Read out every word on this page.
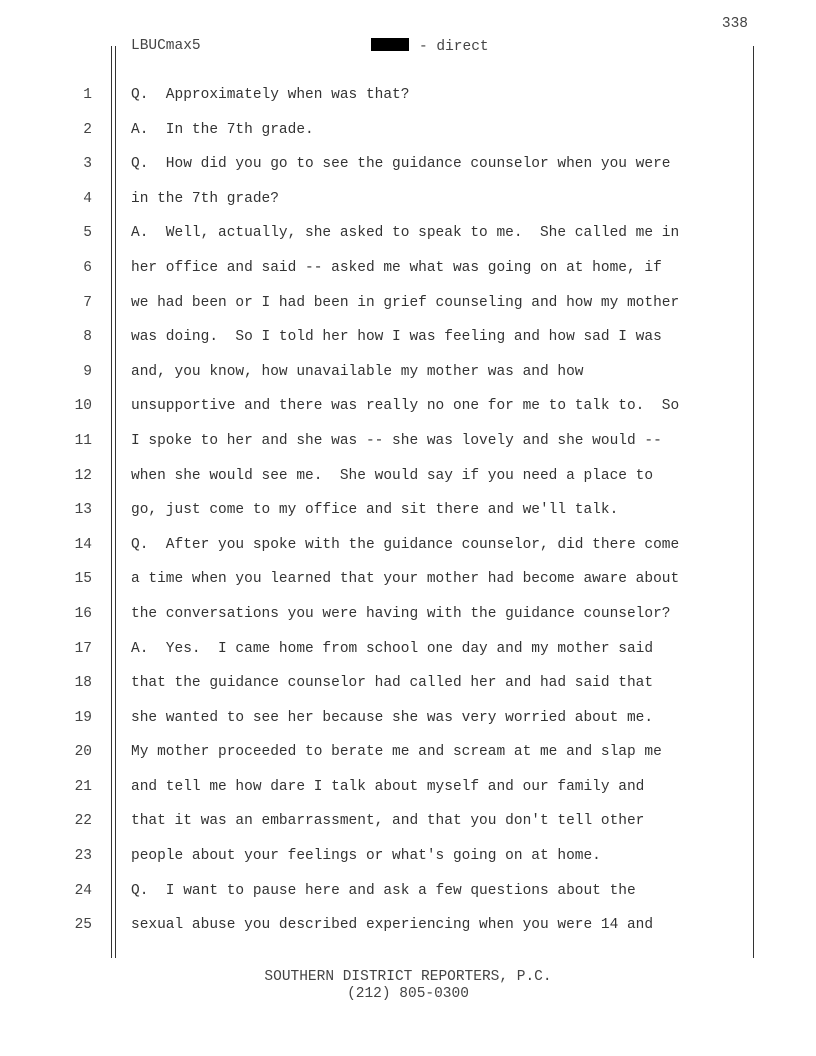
338
LBUCmax5	- direct
1	Q.  Approximately when was that?
2	A.  In the 7th grade.
3	Q.  How did you go to see the guidance counselor when you were
4	in the 7th grade?
5	A.  Well, actually, she asked to speak to me.  She called me in
6	her office and said -- asked me what was going on at home, if
7	we had been or I had been in grief counseling and how my mother
8	was doing.  So I told her how I was feeling and how sad I was
9	and, you know, how unavailable my mother was and how
10	unsupportive and there was really no one for me to talk to.  So
11	I spoke to her and she was -- she was lovely and she would --
12	when she would see me.  She would say if you need a place to
13	go, just come to my office and sit there and we'll talk.
14	Q.  After you spoke with the guidance counselor, did there come
15	a time when you learned that your mother had become aware about
16	the conversations you were having with the guidance counselor?
17	A.  Yes.  I came home from school one day and my mother said
18	that the guidance counselor had called her and had said that
19	she wanted to see her because she was very worried about me.
20	My mother proceeded to berate me and scream at me and slap me
21	and tell me how dare I talk about myself and our family and
22	that it was an embarrassment, and that you don't tell other
23	people about your feelings or what's going on at home.
24	Q.  I want to pause here and ask a few questions about the
25	sexual abuse you described experiencing when you were 14 and
SOUTHERN DISTRICT REPORTERS, P.C.
(212) 805-0300
